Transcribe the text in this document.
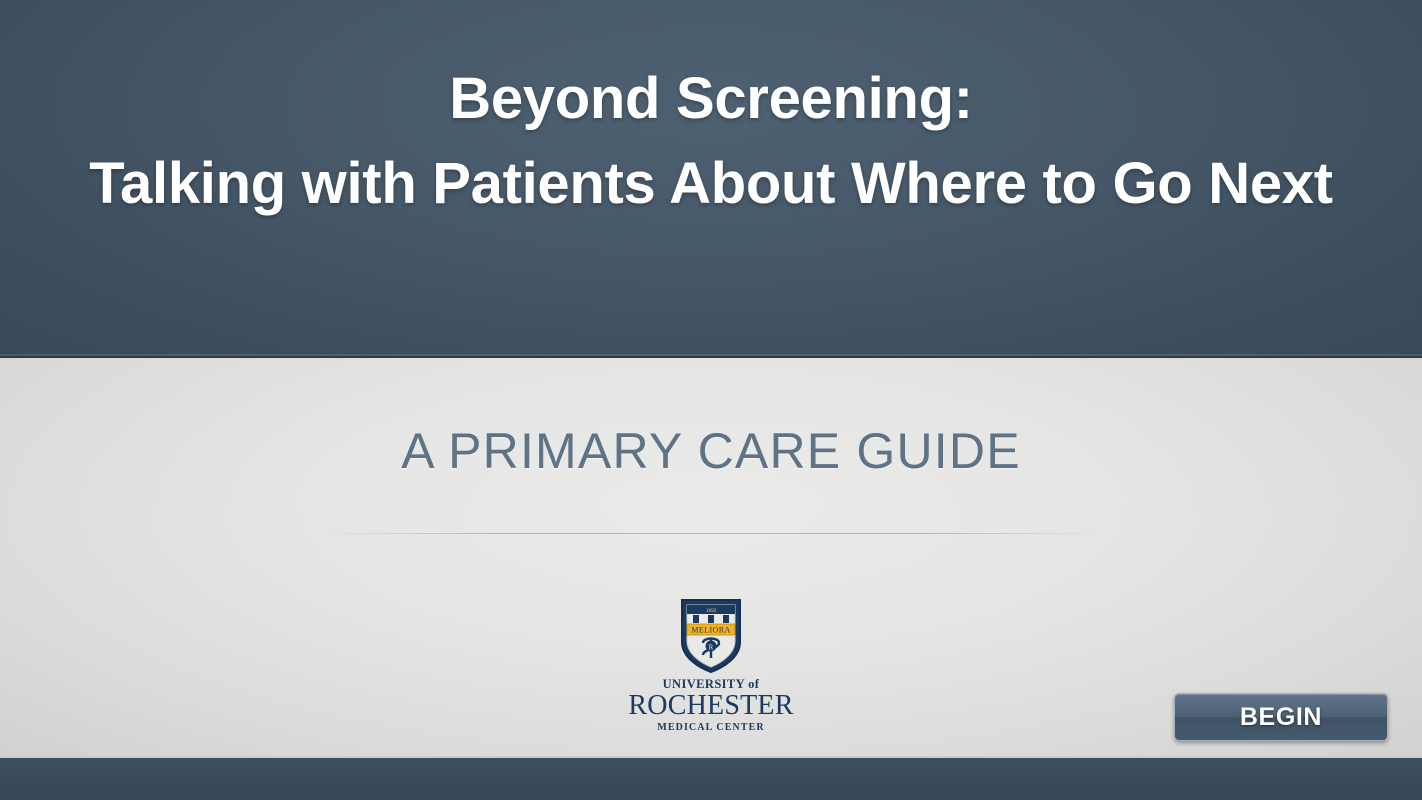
Beyond Screening:
Talking with Patients About Where to Go Next
A PRIMARY CARE GUIDE
1850
MELIORA
R
UNIVERSITY of
ROCHESTER
MEDICAL CENTER	BEGIN
